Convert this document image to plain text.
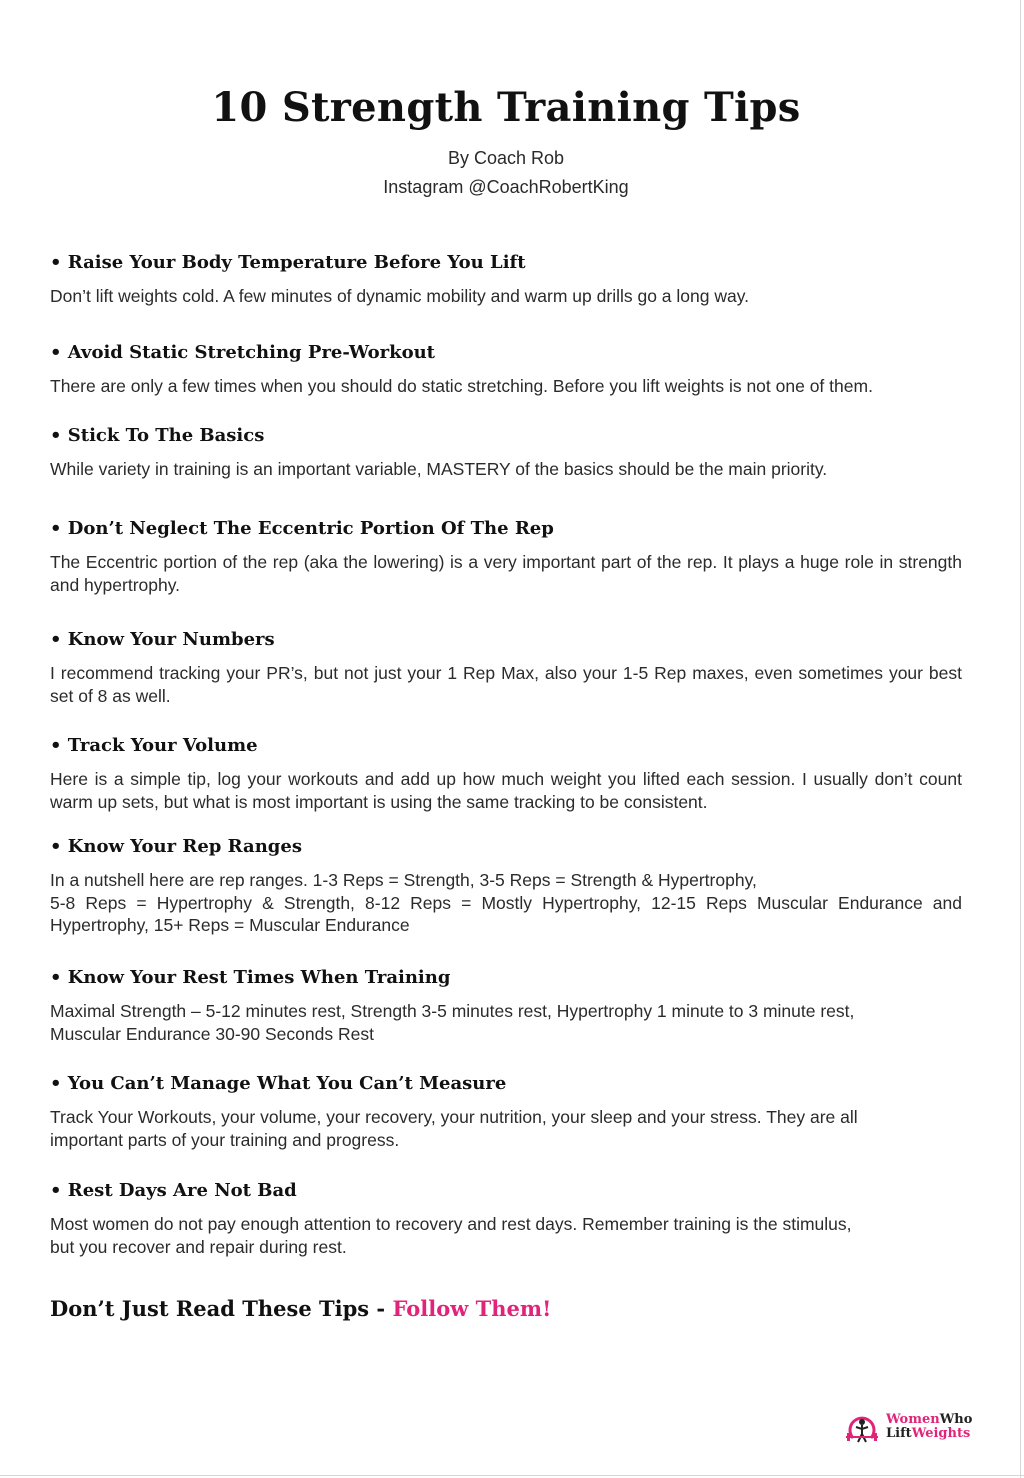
10 Strength Training Tips
By Coach Rob
Instagram @CoachRobertKing

• Raise Your Body Temperature Before You Lift

Don’t lift weights cold. A few minutes of dynamic mobility and warm up drills go a long way.

• Avoid Static Stretching Pre-Workout

There are only a few times when you should do static stretching. Before you lift weights is not one of them.

• Stick To The Basics

While variety in training is an important variable, MASTERY of the basics should be the main priority.

• Don’t Neglect The Eccentric Portion Of The Rep

The Eccentric portion of the rep (aka the lowering) is a very important part of the rep. It plays a huge role in strength and hypertrophy.

• Know Your Numbers

I recommend tracking your PR’s, but not just your 1 Rep Max, also your 1-5 Rep maxes, even sometimes your best set of 8 as well.

• Track Your Volume

Here is a simple tip, log your workouts and add up how much weight you lifted each session. I usually don’t count warm up sets, but what is most important is using the same tracking to be consistent.

• Know Your Rep Ranges

In a nutshell here are rep ranges. 1-3 Reps = Strength, 3-5 Reps = Strength & Hypertrophy,
5-8 Reps = Hypertrophy & Strength, 8-12 Reps = Mostly Hypertrophy, 12-15 Reps Muscular Endurance and Hypertrophy, 15+ Reps = Muscular Endurance

• Know Your Rest Times When Training

Maximal Strength – 5-12 minutes rest, Strength 3-5 minutes rest, Hypertrophy 1 minute to 3 minute rest,
Muscular Endurance 30-90 Seconds Rest

• You Can’t Manage What You Can’t Measure

Track Your Workouts, your volume, your recovery, your nutrition, your sleep and your stress. They are all
important parts of your training and progress.

• Rest Days Are Not Bad

Most women do not pay enough attention to recovery and rest days. Remember training is the stimulus,
but you recover and repair during rest.

Don’t Just Read These Tips - Follow Them!
WomenWho
LiftWeights
